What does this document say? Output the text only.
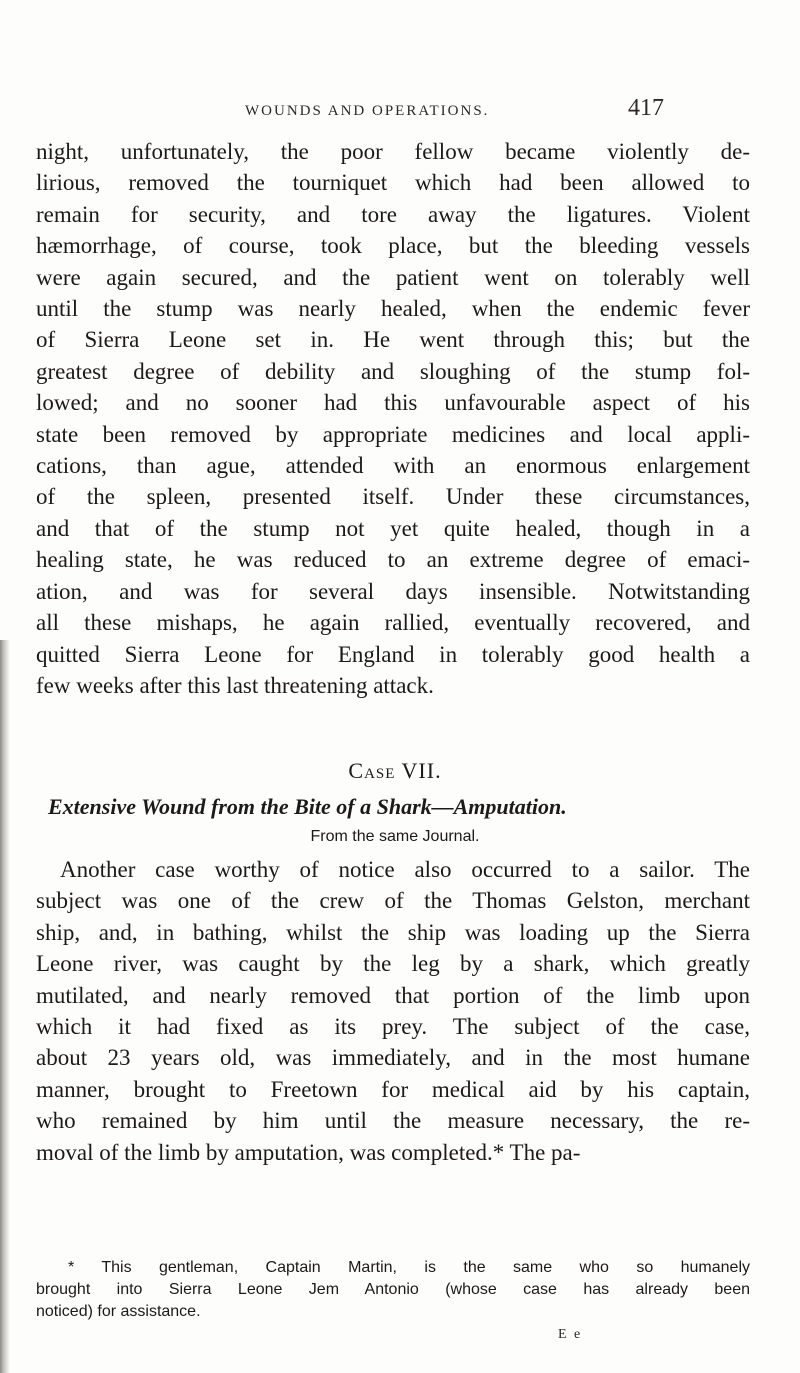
WOUNDS AND OPERATIONS.	417

night, unfortunately, the poor fellow became violently de-

lirious, removed the tourniquet which had been allowed to

remain for security, and tore away the ligatures. Violent

hæmorrhage, of course, took place, but the bleeding vessels

were again secured, and the patient went on tolerably well

until the stump was nearly healed, when the endemic fever

of Sierra Leone set in. He went through this; but the

greatest degree of debility and sloughing of the stump fol-

lowed; and no sooner had this unfavourable aspect of his

state been removed by appropriate medicines and local appli-

cations, than ague, attended with an enormous enlargement

of the spleen, presented itself. Under these circumstances,

and that of the stump not yet quite healed, though in a

healing state, he was reduced to an extreme degree of emaci-

ation, and was for several days insensible. Notwitstanding

all these mishaps, he again rallied, eventually recovered, and

quitted Sierra Leone for England in tolerably good health a

few weeks after this last threatening attack.

Case VII.
Extensive Wound from the Bite of a Shark—Amputation.
From the same Journal.

Another case worthy of notice also occurred to a sailor. The

subject was one of the crew of the Thomas Gelston, merchant

ship, and, in bathing, whilst the ship was loading up the Sierra

Leone river, was caught by the leg by a shark, which greatly

mutilated, and nearly removed that portion of the limb upon

which it had fixed as its prey. The subject of the case,

about 23 years old, was immediately, and in the most humane

manner, brought to Freetown for medical aid by his captain,

who remained by him until the measure necessary, the re-

moval of the limb by amputation, was completed.* The pa-

* This gentleman, Captain Martin, is the same who so humanely

brought into Sierra Leone Jem Antonio (whose case has already been

noticed) for assistance.

E e
